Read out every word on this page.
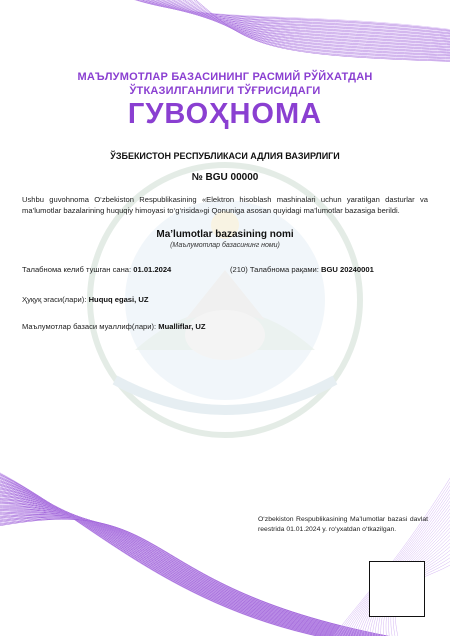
МАЪЛУМОТЛАР БАЗАСИНИНГ РАСМИЙ РЎЙХАТДАН
ЎТКАЗИЛГАНЛИГИ ТЎҒРИСИДАГИ
ГУВОҲНОМА
ЎЗБЕКИСТОН РЕСПУБЛИКАСИ АДЛИЯ ВАЗИРЛИГИ
№ BGU 00000
Ushbu guvohnoma O‘zbekiston Respublikasining «Elektron hisoblash mashinalari uchun yaratilgan dasturlar va ma’lumotlar bazalarining huquqiy himoyasi to‘g‘risida»gi Qonuniga asosan quyidagi ma’lumotlar bazasiga berildi.
Ma’lumotlar bazasining nomi
(Маълумотлар базасининг номи)
Талабнома келиб тушган сана: 01.01.2024	(210) Талабнома рақами: BGU 20240001
Ҳуқуқ эгаси(лари): Huquq egasi, UZ
Маълумотлар базаси муаллиф(лари): Mualliflar, UZ
O‘zbekiston Respublikasining Ma’lumotlar bazasi davlat reestrida 01.01.2024 y. ro‘yxatdan o‘tkazilgan.
